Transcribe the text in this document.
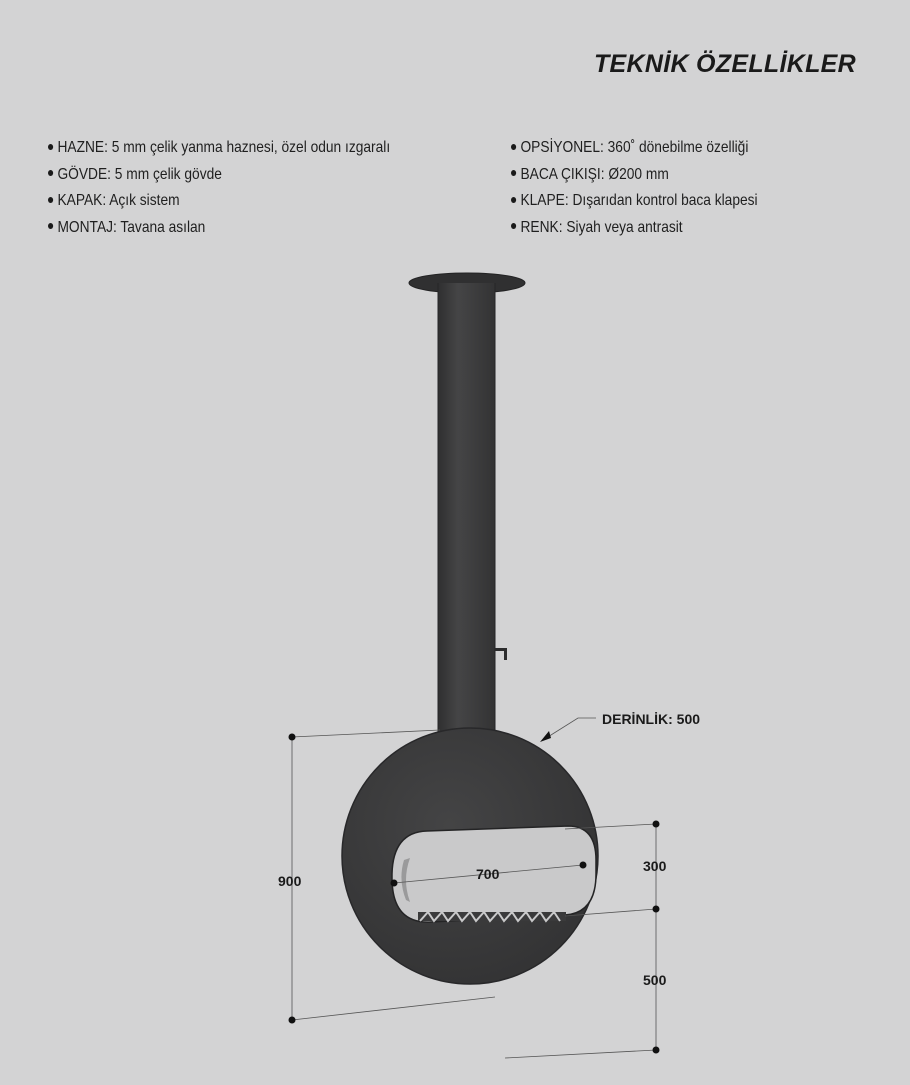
TEKNİK ÖZELLİKLER
HAZNE: 5 mm çelik yanma haznesi, özel odun ızgaralı
GÖVDE: 5 mm çelik gövde
KAPAK: Açık sistem
MONTAJ: Tavana asılan
OPSİYONEL: 360˚ dönebilme özelliği
BACA ÇIKIŞI: Ø200 mm
KLAPE: Dışarıdan kontrol baca klapesi
RENK: Siyah veya antrasit
DERİNLİK: 500
900	700	300
500
